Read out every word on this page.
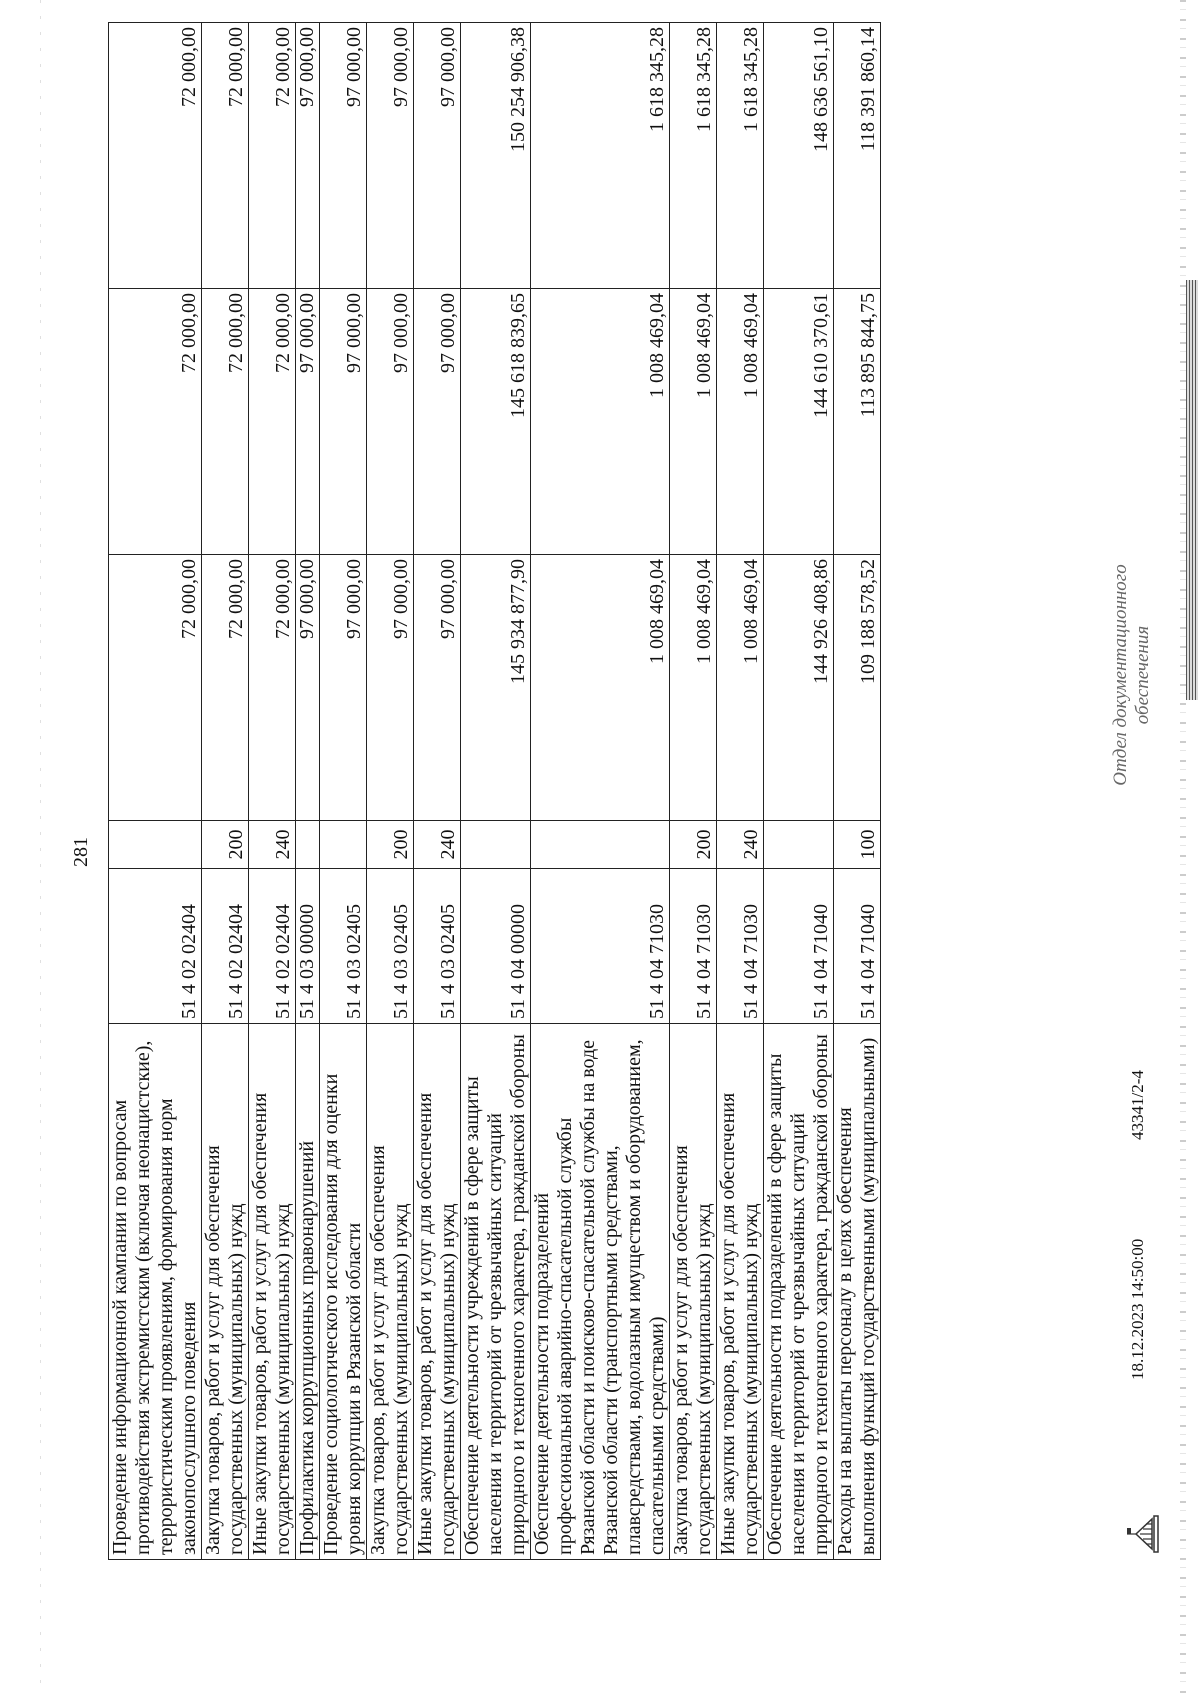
281
Проведение информационной кампании по вопросам противодействия экстремистским (включая неонацистские), террористическим проявлениям, формирования норм законопослушного поведения	51 4 02 02404		72 000,00	72 000,00	72 000,00
Закупка товаров, работ и услуг для обеспечения государственных (муниципальных) нужд	51 4 02 02404	200	72 000,00	72 000,00	72 000,00
Иные закупки товаров, работ и услуг для обеспечения государственных (муниципальных) нужд	51 4 02 02404	240	72 000,00	72 000,00	72 000,00
Профилактика коррупционных правонарушений	51 4 03 00000		97 000,00	97 000,00	97 000,00
Проведение социологического исследования для оценки уровня коррупции в Рязанской области	51 4 03 02405		97 000,00	97 000,00	97 000,00
Закупка товаров, работ и услуг для обеспечения государственных (муниципальных) нужд	51 4 03 02405	200	97 000,00	97 000,00	97 000,00
Иные закупки товаров, работ и услуг для обеспечения государственных (муниципальных) нужд	51 4 03 02405	240	97 000,00	97 000,00	97 000,00
Обеспечение деятельности учреждений в сфере защиты населения и территорий от чрезвычайных ситуаций природного и техногенного характера, гражданской обороны	51 4 04 00000		145 934 877,90	145 618 839,65	150 254 906,38
Обеспечение деятельности подразделений профессиональной аварийно-спасательной службы Рязанской области и поисково-спасательной службы на воде Рязанской области (транспортными средствами, плавсредствами, водолазным имуществом и оборудованием, спасательными средствами)	51 4 04 71030		1 008 469,04	1 008 469,04	1 618 345,28
Закупка товаров, работ и услуг для обеспечения государственных (муниципальных) нужд	51 4 04 71030	200	1 008 469,04	1 008 469,04	1 618 345,28
Иные закупки товаров, работ и услуг для обеспечения государственных (муниципальных) нужд	51 4 04 71030	240	1 008 469,04	1 008 469,04	1 618 345,28
Обеспечение деятельности подразделений в сфере защиты населения и территорий от чрезвычайных ситуаций природного и техногенного характера, гражданской обороны	51 4 04 71040		144 926 408,86	144 610 370,61	148 636 561,10
Расходы на выплаты персоналу в целях обеспечения выполнения функций государственными (муниципальными)	51 4 04 71040	100	109 188 578,52	113 895 844,75	118 391 860,14
18.12.2023 14:50:00
43341/2-4
Отдел документационного обеспечения
